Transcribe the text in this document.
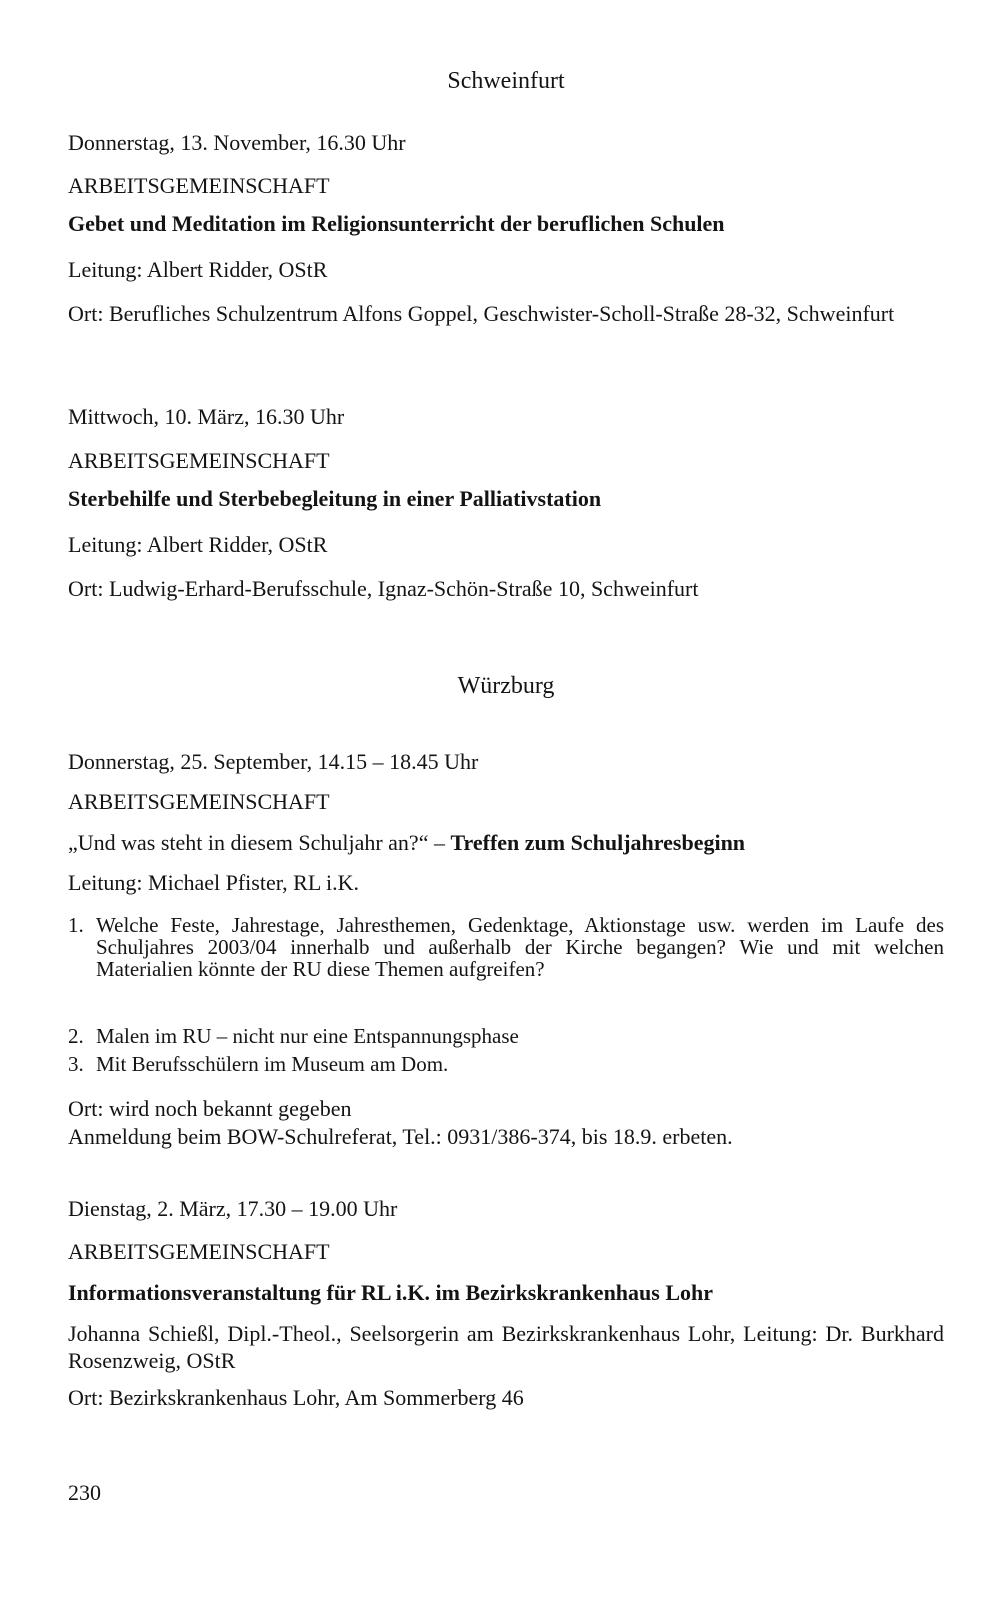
Schweinfurt
Donnerstag, 13. November, 16.30 Uhr
ARBEITSGEMEINSCHAFT
Gebet und Meditation im Religionsunterricht der beruflichen Schulen
Leitung: Albert Ridder, OStR
Ort: Berufliches Schulzentrum Alfons Goppel, Geschwister-Scholl-Straße 28-32, Schweinfurt
Mittwoch, 10. März, 16.30 Uhr
ARBEITSGEMEINSCHAFT
Sterbehilfe und Sterbebegleitung in einer Palliativstation
Leitung: Albert Ridder, OStR
Ort: Ludwig-Erhard-Berufsschule, Ignaz-Schön-Straße 10, Schweinfurt
Würzburg
Donnerstag, 25. September, 14.15 – 18.45 Uhr
ARBEITSGEMEINSCHAFT
„Und was steht in diesem Schuljahr an?“ – Treffen zum Schuljahresbeginn
Leitung: Michael Pfister, RL i.K.
1. Welche Feste, Jahrestage, Jahresthemen, Gedenktage, Aktionstage usw. werden im Laufe des Schuljahres 2003/04 innerhalb und außerhalb der Kirche begangen? Wie und mit welchen Materialien könnte der RU diese Themen aufgreifen?
2. Malen im RU – nicht nur eine Entspannungsphase
3. Mit Berufsschülern im Museum am Dom.
Ort: wird noch bekannt gegeben
Anmeldung beim BOW-Schulreferat, Tel.: 0931/386-374, bis 18.9. erbeten.
Dienstag, 2. März, 17.30 – 19.00 Uhr
ARBEITSGEMEINSCHAFT
Informationsveranstaltung für RL i.K. im Bezirkskrankenhaus Lohr
Johanna Schießl, Dipl.-Theol., Seelsorgerin am Bezirkskrankenhaus Lohr, Leitung: Dr. Burkhard Rosenzweig, OStR
Ort: Bezirkskrankenhaus Lohr, Am Sommerberg 46
230
